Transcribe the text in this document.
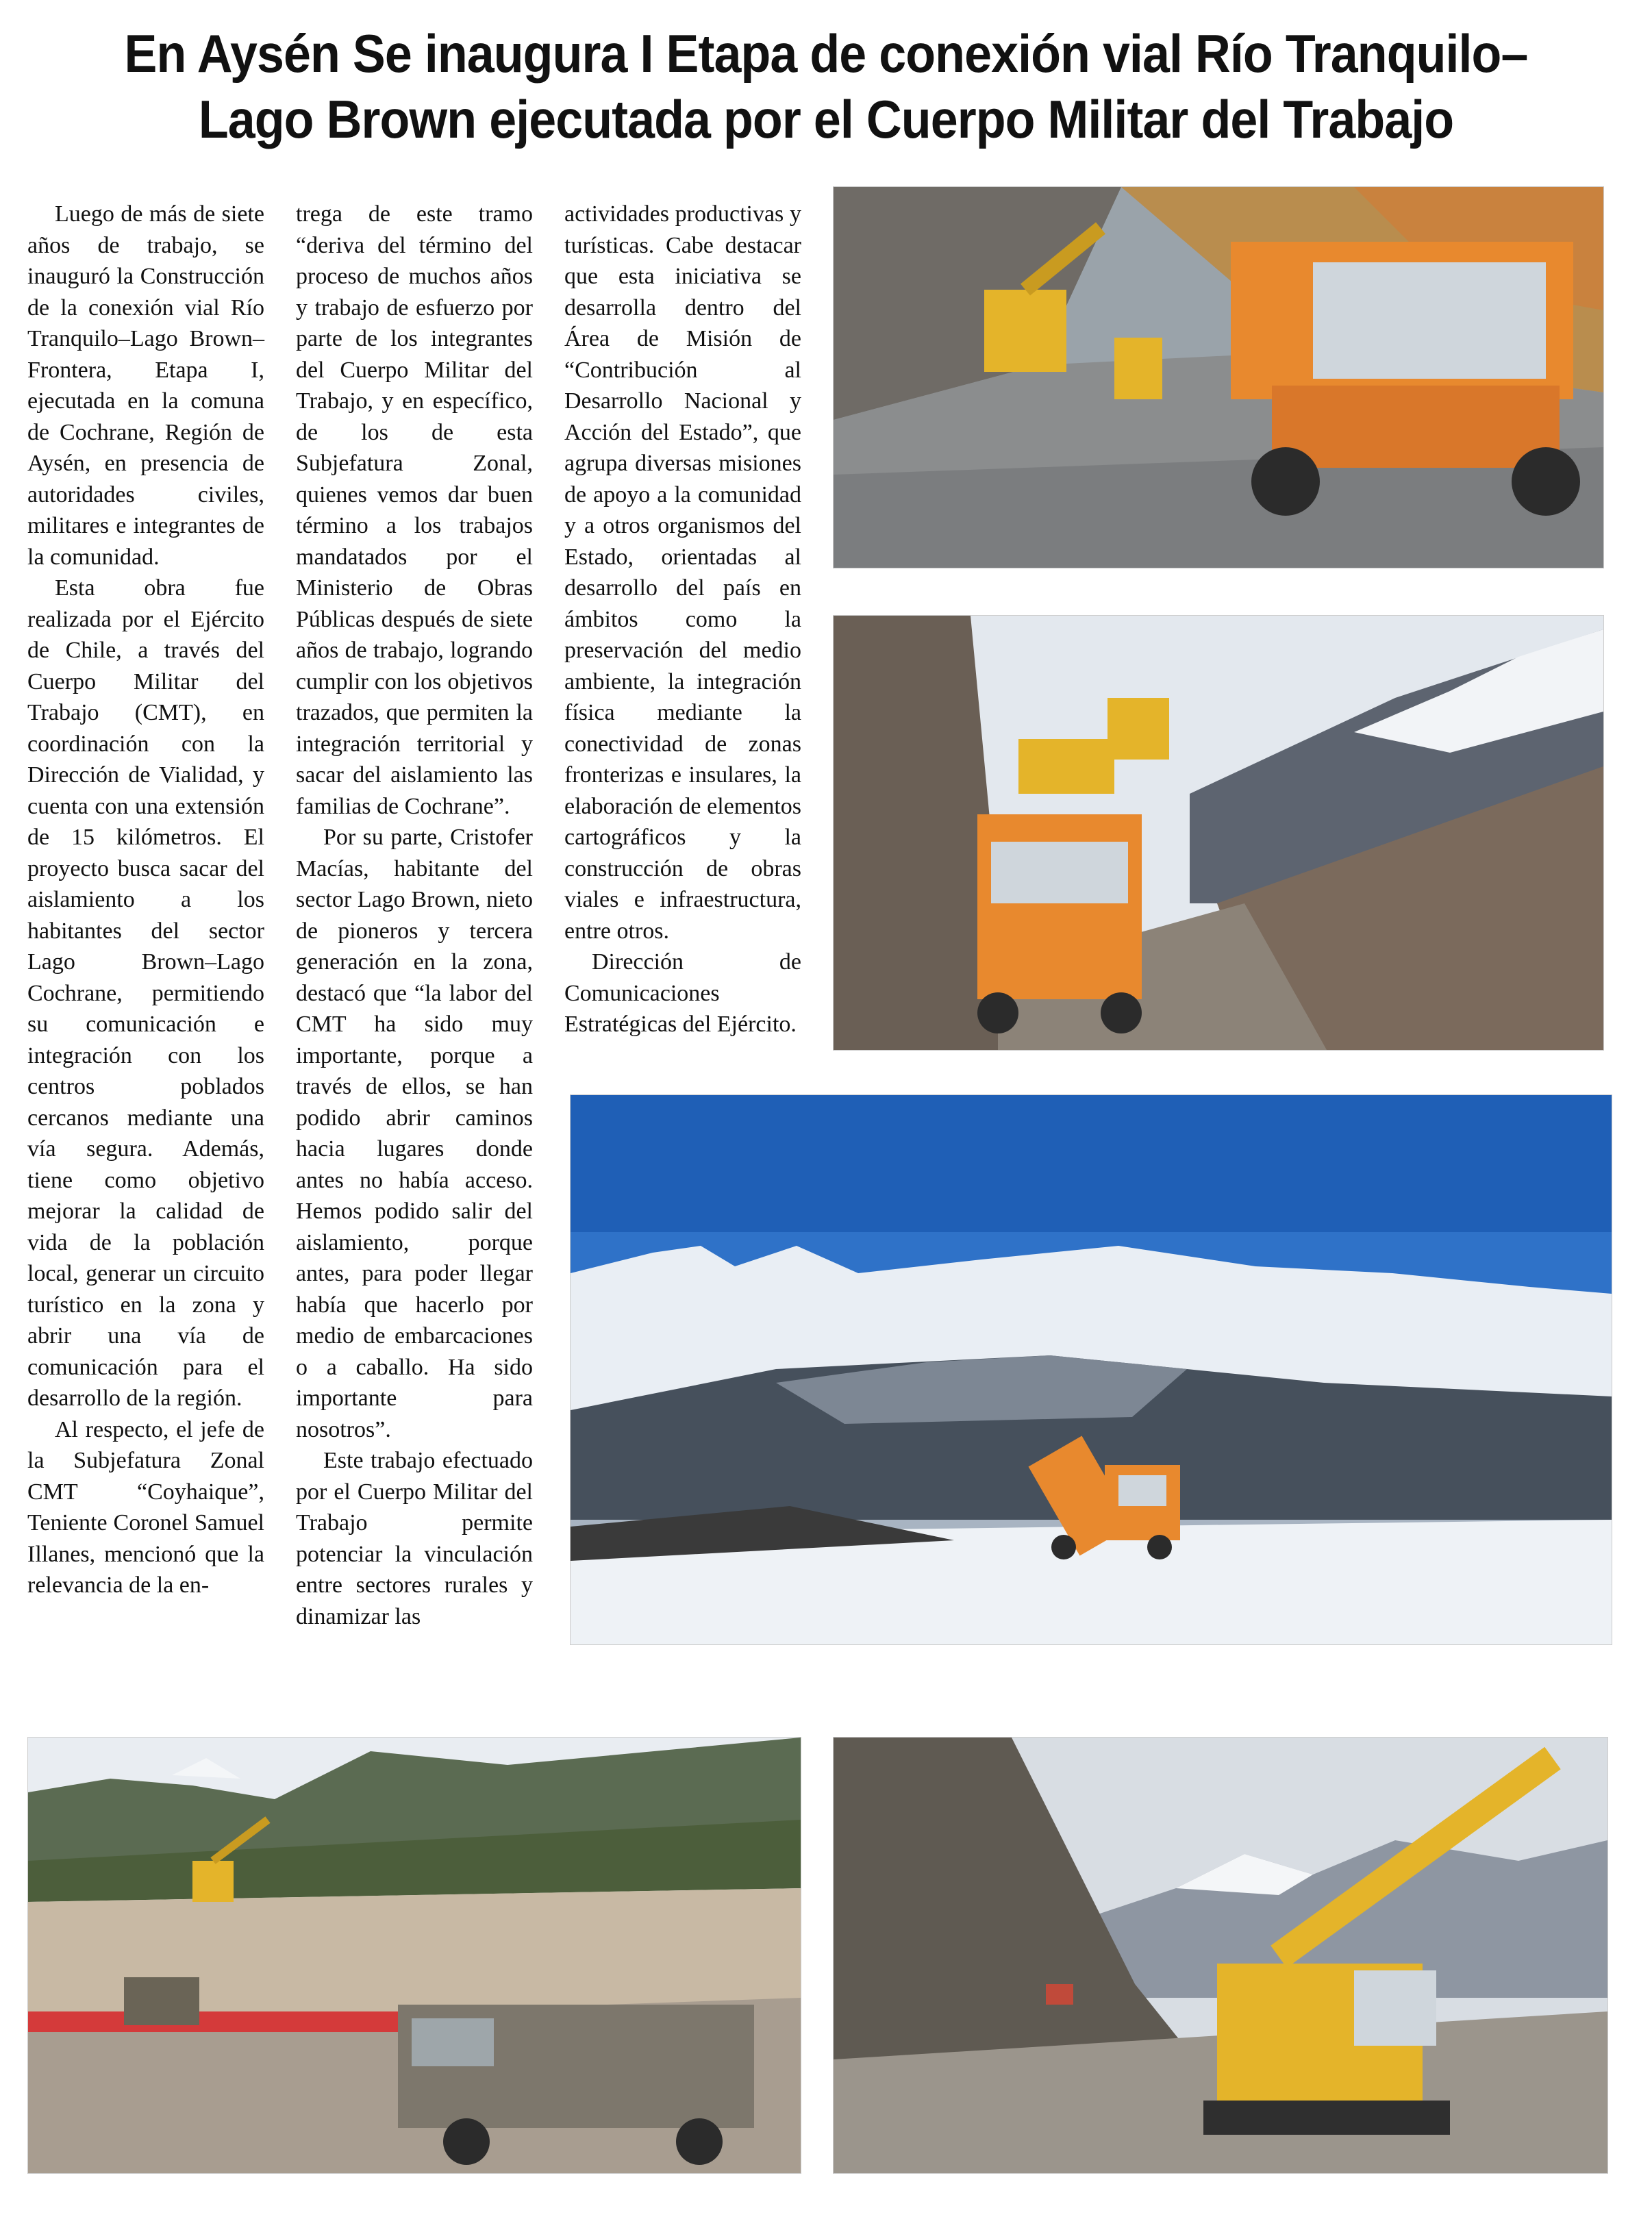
En Aysén Se inaugura I Etapa de conexión vial Río Tranquilo–
Lago Brown ejecutada por el Cuerpo Militar del Trabajo

Luego de más de siete años de trabajo, se inauguró la Construcción de la conexión vial Río Tranquilo–Lago Brown–Frontera, Etapa I, ejecutada en la comuna de Cochrane, Región de Aysén, en presencia de autoridades civiles, militares e integrantes de la comunidad.

Esta obra fue realizada por el Ejército de Chile, a través del Cuerpo Militar del Trabajo (CMT), en coordinación con la Dirección de Vialidad, y cuenta con una extensión de 15 kilómetros. El proyecto busca sacar del aislamiento a los habitantes del sector Lago Brown–Lago Cochrane, permitiendo su comunicación e integración con los centros poblados cercanos mediante una vía segura. Además, tiene como objetivo mejorar la calidad de vida de la población local, generar un circuito turístico en la zona y abrir una vía de comunicación para el desarrollo de la región.

Al respecto, el jefe de la Subjefatura Zonal CMT “Coyhaique”, Teniente Coronel Samuel Illanes, mencionó que la relevancia de la en-

trega de este tramo “deriva del término del proceso de muchos años y trabajo de esfuerzo por parte de los integrantes del Cuerpo Militar del Trabajo, y en específico, de los de esta Subjefatura Zonal, quienes vemos dar buen término a los trabajos mandatados por el Ministerio de Obras Públicas después de siete años de trabajo, logrando cumplir con los objetivos trazados, que permiten la integración territorial y sacar del aislamiento las familias de Cochrane”.

Por su parte, Cristofer Macías, habitante del sector Lago Brown, nieto de pioneros y tercera generación en la zona, destacó que “la labor del CMT ha sido muy importante, porque a través de ellos, se han podido abrir caminos hacia lugares donde antes no había acceso. Hemos podido salir del aislamiento, porque antes, para poder llegar había que hacerlo por medio de embarcaciones o a caballo. Ha sido importante para nosotros”.

Este trabajo efectuado por el Cuerpo Militar del Trabajo permite potenciar la vinculación entre sectores rurales y dinamizar las

actividades productivas y turísticas. Cabe destacar que esta iniciativa se desarrolla dentro del Área de Misión de “Contribución al Desarrollo Nacional y Acción del Estado”, que agrupa diversas misiones de apoyo a la comunidad y a otros organismos del Estado, orientadas al desarrollo del país en ámbitos como la preservación del medio ambiente, la integración física mediante la conectividad de zonas fronterizas e insulares, la elaboración de elementos cartográficos y la construcción de obras viales e infraestructura, entre otros.

Dirección de Comunicaciones Estratégicas del Ejército.
